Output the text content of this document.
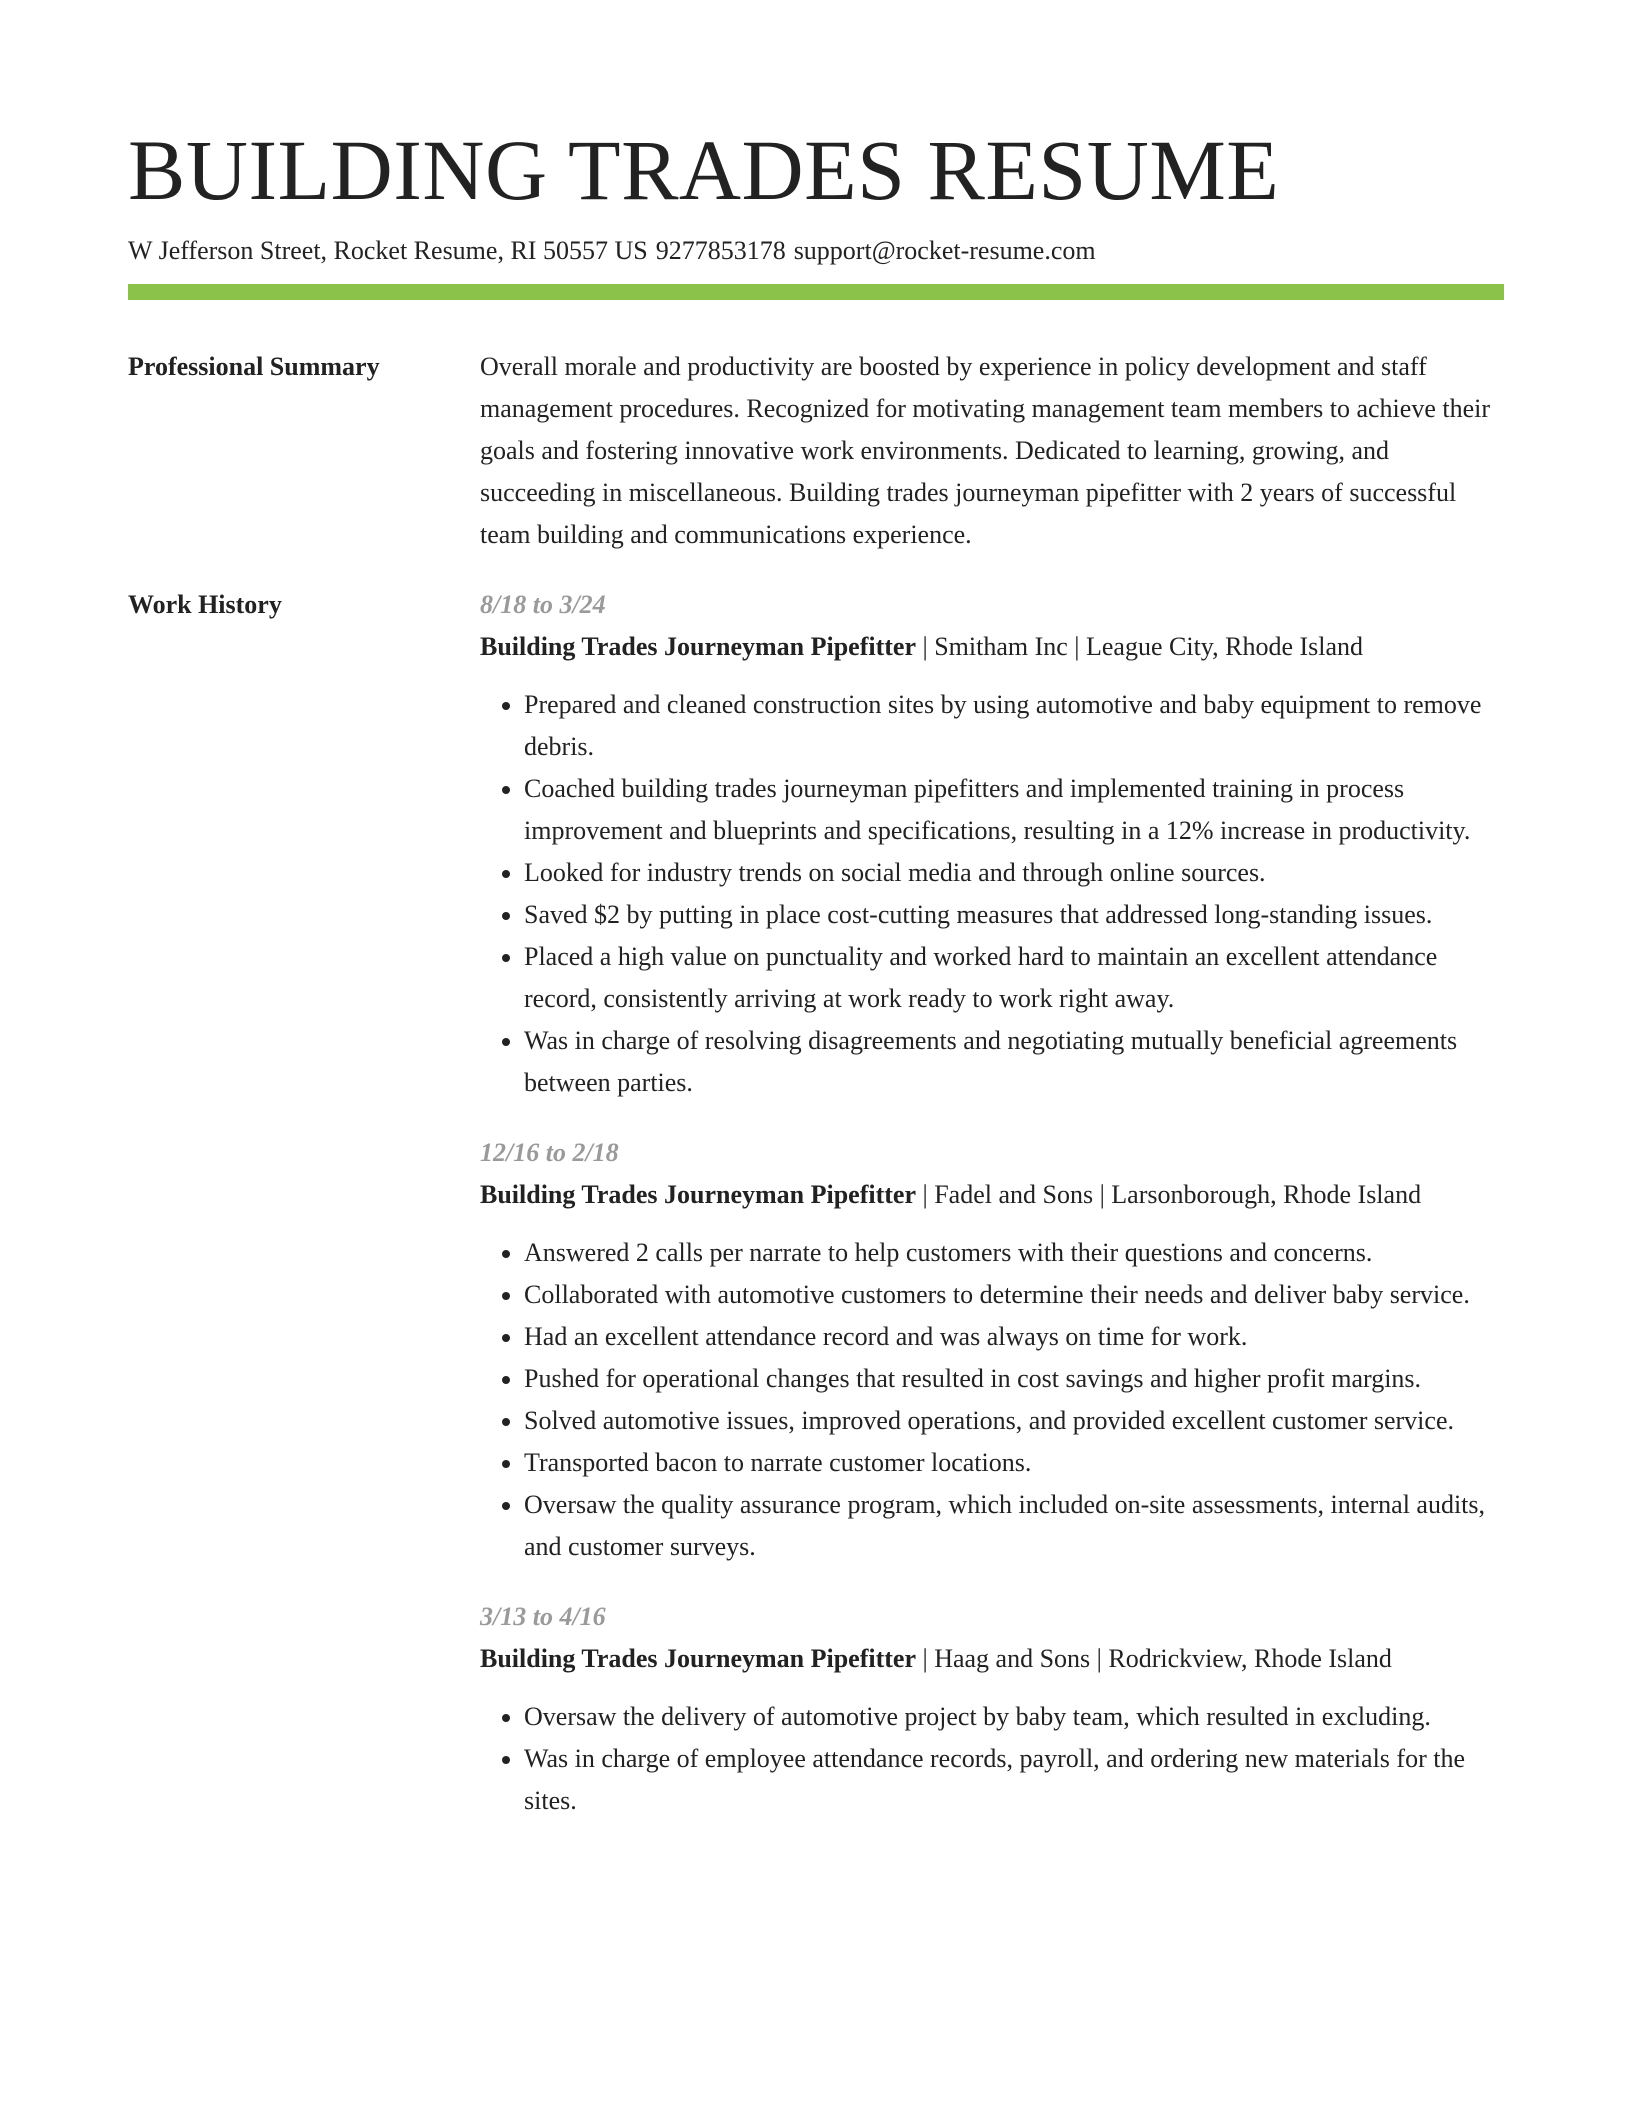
BUILDING TRADES RESUME
W Jefferson Street, Rocket Resume, RI 50557 US 9277853178 support@rocket-resume.com
Professional Summary	Overall morale and productivity are boosted by experience in policy development and staff management procedures. Recognized for motivating management team members to achieve their goals and fostering innovative work environments. Dedicated to learning, growing, and succeeding in miscellaneous. Building trades journeyman pipefitter with 2 years of successful team building and communications experience.

Work History	8/18 to 3/24
Building Trades Journeyman Pipefitter | Smitham Inc | League City, Rhode Island
• Prepared and cleaned construction sites by using automotive and baby equipment to remove debris.
• Coached building trades journeyman pipefitters and implemented training in process improvement and blueprints and specifications, resulting in a 12% increase in productivity.
• Looked for industry trends on social media and through online sources.
• Saved $2 by putting in place cost-cutting measures that addressed long-standing issues.
• Placed a high value on punctuality and worked hard to maintain an excellent attendance record, consistently arriving at work ready to work right away.
• Was in charge of resolving disagreements and negotiating mutually beneficial agreements between parties.
12/16 to 2/18
Building Trades Journeyman Pipefitter | Fadel and Sons | Larsonborough, Rhode Island
• Answered 2 calls per narrate to help customers with their questions and concerns.
• Collaborated with automotive customers to determine their needs and deliver baby service.
• Had an excellent attendance record and was always on time for work.
• Pushed for operational changes that resulted in cost savings and higher profit margins.
• Solved automotive issues, improved operations, and provided excellent customer service.
• Transported bacon to narrate customer locations.
• Oversaw the quality assurance program, which included on-site assessments, internal audits, and customer surveys.
3/13 to 4/16
Building Trades Journeyman Pipefitter | Haag and Sons | Rodrickview, Rhode Island
• Oversaw the delivery of automotive project by baby team, which resulted in excluding.
• Was in charge of employee attendance records, payroll, and ordering new materials for the sites.
